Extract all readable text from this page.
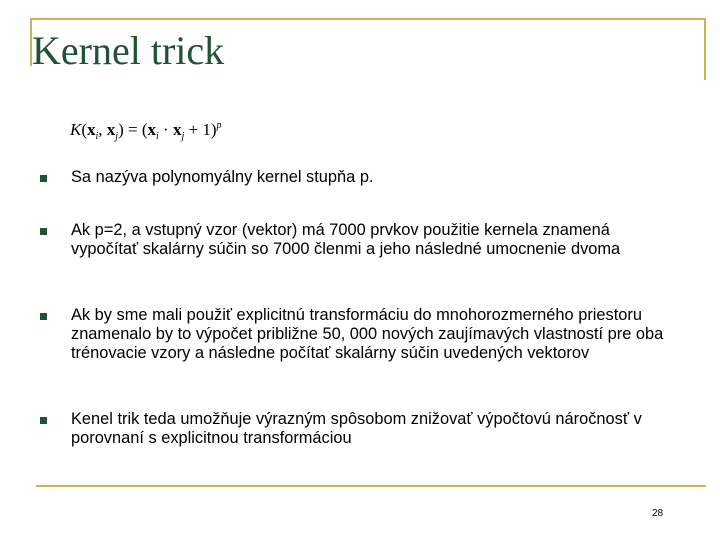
Kernel trick
$K(x_i$, $x_j) = (x_i \cdot x_j + 1)^p$
Sa nazýva polynomyálny kernel stupňa p.
Ak p=2, a vstupný vzor (vektor) má 7000 prvkov použitie kernela znamená vypočítať skalárny súčin so 7000 členmi a jeho následné umocnenie dvoma
Ak by sme mali použiť explicitnú transformáciu do mnohorozmerného priestoru znamenalo by to výpočet približne 50, 000 nových zaujímavých vlastností pre oba trénovacie vzory a následne počítať skalárny súčin uvedených vektorov
Kenel trik teda umožňuje výrazným spôsobom znižovať výpočtovú náročnosť v porovnaní s explicitnou transformáciou
28
